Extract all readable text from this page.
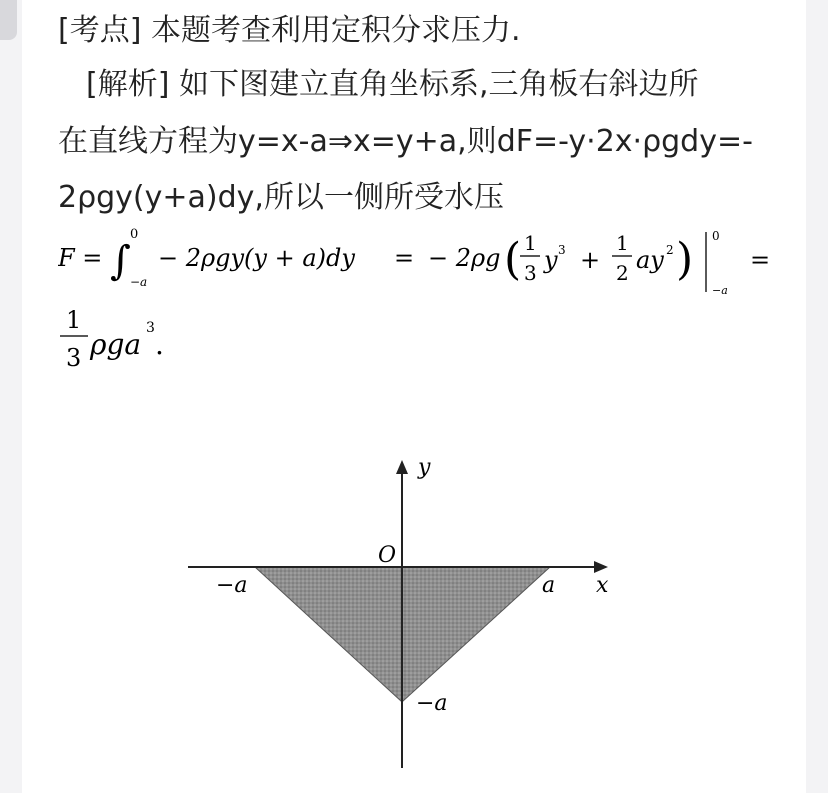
[考点] 本题考查利用定积分求压力.
[解析] 如下图建立直角坐标系,三角板右斜边所
在直线方程为y=x-a⇒x=y+a,则dF=-y·2x·ρgdy=-
2ρgy(y+a)dy,所以一侧所受水压
F = ∫
0
−a
− 2ρgy(y + a)dy = − 2ρg ( 1
3 y 3 +
1
2 ay 2 ) 0
−a
=
1
3 ρga 3 .
y
x
O
−a	a
−a
